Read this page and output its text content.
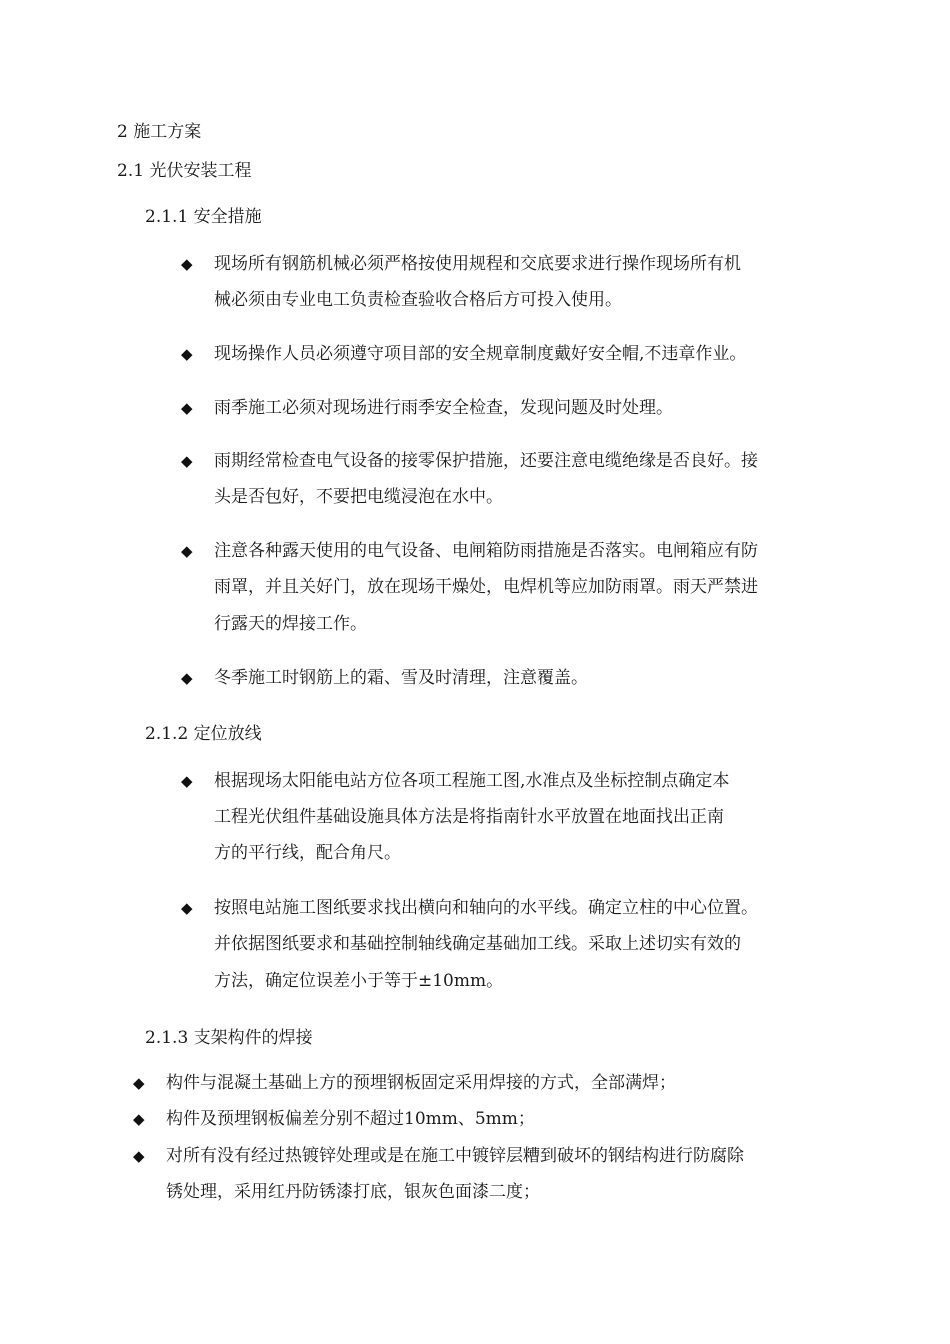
2 施工方案
2.1 光伏安装工程
2.1.1 安全措施
◆ 现场所有钢筋机械必须严格按使用规程和交底要求进行操作现场所有机
械必须由专业电工负责检查验收合格后方可投入使用。
◆ 现场操作人员必须遵守项目部的安全规章制度戴好安全帽,不违章作业。
◆ 雨季施工必须对现场进行雨季安全检查，发现问题及时处理。
◆ 雨期经常检查电气设备的接零保护措施，还要注意电缆绝缘是否良好。接
头是否包好，不要把电缆浸泡在水中。
◆ 注意各种露天使用的电气设备、电闸箱防雨措施是否落实。电闸箱应有防
雨罩，并且关好门，放在现场干燥处，电焊机等应加防雨罩。雨天严禁进
行露天的焊接工作。
◆ 冬季施工时钢筋上的霜、雪及时清理，注意覆盖。
2.1.2 定位放线
◆ 根据现场太阳能电站方位各项工程施工图,水准点及坐标控制点确定本
工程光伏组件基础设施具体方法是将指南针水平放置在地面找出正南
方的平行线，配合角尺。
◆ 按照电站施工图纸要求找出横向和轴向的水平线。确定立柱的中心位置。
并依据图纸要求和基础控制轴线确定基础加工线。采取上述切实有效的
方法，确定位误差小于等于±10mm。
2.1.3 支架构件的焊接
◆ 构件与混凝土基础上方的预埋钢板固定采用焊接的方式，全部满焊；
◆ 构件及预埋钢板偏差分别不超过10mm、5mm；
◆ 对所有没有经过热镀锌处理或是在施工中镀锌层糟到破坏的钢结构进行防腐除
锈处理，采用红丹防锈漆打底，银灰色面漆二度；
